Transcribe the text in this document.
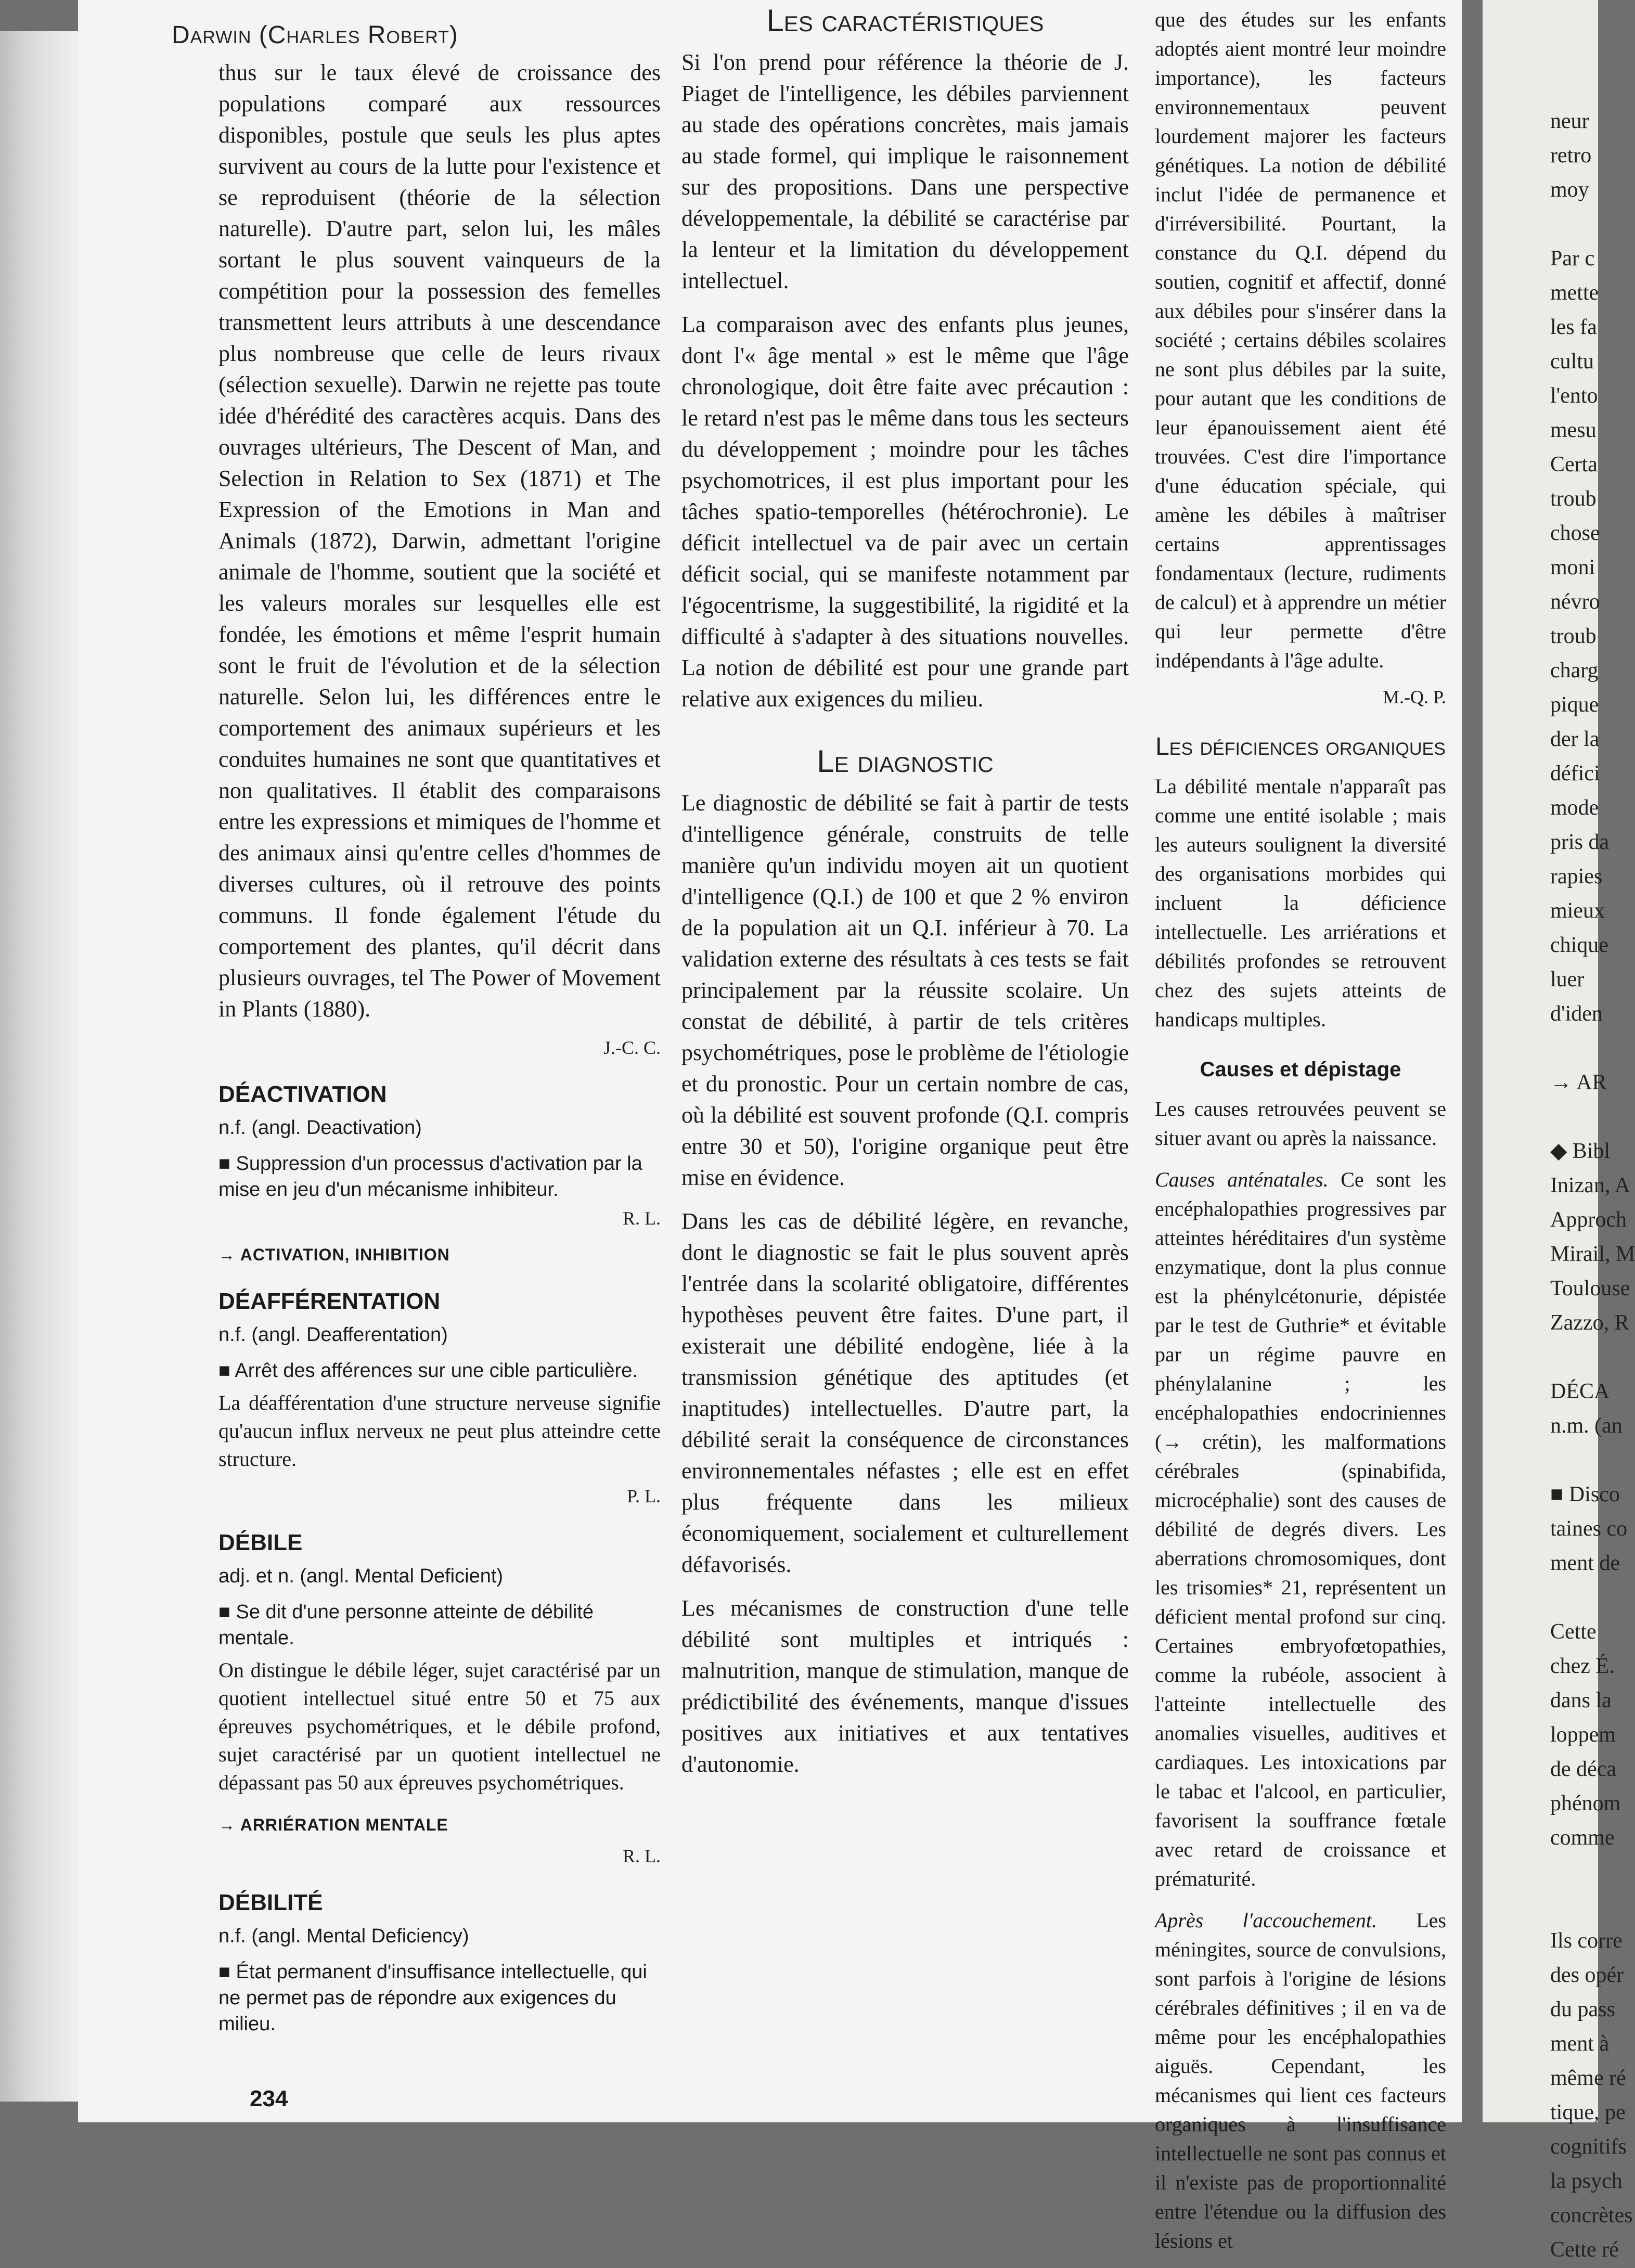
Darwin (Charles Robert)

thus sur le taux élevé de croissance des populations comparé aux ressources disponibles, postule que seuls les plus aptes survivent au cours de la lutte pour l'existence et se reproduisent (théorie de la sélection naturelle). D'autre part, selon lui, les mâles sortant le plus souvent vainqueurs de la compétition pour la possession des femelles transmettent leurs attributs à une descendance plus nombreuse que celle de leurs rivaux (sélection sexuelle). Darwin ne rejette pas toute idée d'hérédité des caractères acquis. Dans des ouvrages ultérieurs, The Descent of Man, and Selection in Relation to Sex (1871) et The Expression of the Emotions in Man and Animals (1872), Darwin, admettant l'origine animale de l'homme, soutient que la société et les valeurs morales sur lesquelles elle est fondée, les émotions et même l'esprit humain sont le fruit de l'évolution et de la sélection naturelle. Selon lui, les différences entre le comportement des animaux supérieurs et les conduites humaines ne sont que quantitatives et non qualitatives. Il établit des comparaisons entre les expressions et mimiques de l'homme et des animaux ainsi qu'entre celles d'hommes de diverses cultures, où il retrouve des points communs. Il fonde également l'étude du comportement des plantes, qu'il décrit dans plusieurs ouvrages, tel The Power of Movement in Plants (1880).

J.-C. C.
DÉACTIVATION
n.f. (angl. Deactivation)
■ Suppression d'un processus d'activation par la mise en jeu d'un mécanisme inhibiteur.
R. L.
→ ACTIVATION, INHIBITION
DÉAFFÉRENTATION
n.f. (angl. Deafferentation)
■ Arrêt des afférences sur une cible particulière.

La déafférentation d'une structure nerveuse signifie qu'aucun influx nerveux ne peut plus atteindre cette structure.

P. L.
DÉBILE
adj. et n. (angl. Mental Deficient)
■ Se dit d'une personne atteinte de débilité mentale.

On distingue le débile léger, sujet caractérisé par un quotient intellectuel situé entre 50 et 75 aux épreuves psychométriques, et le débile profond, sujet caractérisé par un quotient intellectuel ne dépassant pas 50 aux épreuves psychométriques.

→ ARRIÉRATION MENTALE
R. L.
DÉBILITÉ
n.f. (angl. Mental Deficiency)
■ État permanent d'insuffisance intellectuelle, qui ne permet pas de répondre aux exigences du milieu.
Les caractéristiques

Si l'on prend pour référence la théorie de J. Piaget de l'intelligence, les débiles parviennent au stade des opérations concrètes, mais jamais au stade formel, qui implique le raisonnement sur des propositions. Dans une perspective développementale, la débilité se caractérise par la lenteur et la limitation du développement intellectuel.

La comparaison avec des enfants plus jeunes, dont l'« âge mental » est le même que l'âge chronologique, doit être faite avec précaution : le retard n'est pas le même dans tous les secteurs du développement ; moindre pour les tâches psychomotrices, il est plus important pour les tâches spatio-temporelles (hétérochronie). Le déficit intellectuel va de pair avec un certain déficit social, qui se manifeste notamment par l'égocentrisme, la suggestibilité, la rigidité et la difficulté à s'adapter à des situations nouvelles. La notion de débilité est pour une grande part relative aux exigences du milieu.

Le diagnostic

Le diagnostic de débilité se fait à partir de tests d'intelligence générale, construits de telle manière qu'un individu moyen ait un quotient d'intelligence (Q.I.) de 100 et que 2 % environ de la population ait un Q.I. inférieur à 70. La validation externe des résultats à ces tests se fait principalement par la réussite scolaire. Un constat de débilité, à partir de tels critères psychométriques, pose le problème de l'étiologie et du pronostic. Pour un certain nombre de cas, où la débilité est souvent profonde (Q.I. compris entre 30 et 50), l'origine organique peut être mise en évidence.

Dans les cas de débilité légère, en revanche, dont le diagnostic se fait le plus souvent après l'entrée dans la scolarité obligatoire, différentes hypothèses peuvent être faites. D'une part, il existerait une débilité endogène, liée à la transmission génétique des aptitudes (et inaptitudes) intellectuelles. D'autre part, la débilité serait la conséquence de circonstances environnementales néfastes ; elle est en effet plus fréquente dans les milieux économiquement, socialement et culturellement défavorisés.

Les mécanismes de construction d'une telle débilité sont multiples et intriqués : malnutrition, manque de stimulation, manque de prédictibilité des événements, manque d'issues positives aux initiatives et aux tentatives d'autonomie.

que des études sur les enfants adoptés aient montré leur moindre importance), les facteurs environnementaux peuvent lourdement majorer les facteurs génétiques. La notion de débilité inclut l'idée de permanence et d'irréversibilité. Pourtant, la constance du Q.I. dépend du soutien, cognitif et affectif, donné aux débiles pour s'insérer dans la société ; certains débiles scolaires ne sont plus débiles par la suite, pour autant que les conditions de leur épanouissement aient été trouvées. C'est dire l'importance d'une éducation spéciale, qui amène les débiles à maîtriser certains apprentissages fondamentaux (lecture, rudiments de calcul) et à apprendre un métier qui leur permette d'être indépendants à l'âge adulte.

M.-Q. P.
Les déficiences organiques

La débilité mentale n'apparaît pas comme une entité isolable ; mais les auteurs soulignent la diversité des organisations morbides qui incluent la déficience intellectuelle. Les arriérations et débilités profondes se retrouvent chez des sujets atteints de handicaps multiples.

Causes et dépistage

Les causes retrouvées peuvent se situer avant ou après la naissance.

Causes anténatales. Ce sont les encéphalopathies progressives par atteintes héréditaires d'un système enzymatique, dont la plus connue est la phénylcétonurie, dépistée par le test de Guthrie* et évitable par un régime pauvre en phénylalanine ; les encéphalopathies endocriniennes (→ crétin), les malformations cérébrales (spinabifida, microcéphalie) sont des causes de débilité de degrés divers. Les aberrations chromosomiques, dont les trisomies* 21, représentent un déficient mental profond sur cinq. Certaines embryofœtopathies, comme la rubéole, associent à l'atteinte intellectuelle des anomalies visuelles, auditives et cardiaques. Les intoxications par le tabac et l'alcool, en particulier, favorisent la souffrance fœtale avec retard de croissance et prématurité.

Après l'accouchement. Les méningites, source de convulsions, sont parfois à l'origine de lésions cérébrales définitives ; il en va de même pour les encéphalopathies aiguës. Cependant, les mécanismes qui lient ces facteurs organiques à l'insuffisance intellectuelle ne sont pas connus et il n'existe pas de proportionnalité entre l'étendue ou la diffusion des lésions et

234
neur
retro
moy

Par c
mette
les fa
cultu
l'ento
mesu
Certa
troub
chose
moni
névro
troub
charg
pique
der la
défici
mode
pris da
rapies
mieux
chique
luer
d'iden

→ AR

◆ Bibl
Inizan, A
Approch
Mirail, M
Toulouse
Zazzo, R

DÉCA
n.m. (an

■ Disco
taines co
ment de

Cette
chez É.
dans la
loppem
de déca
phénom
comme

Ils corre
des opér
du pass
ment à
même ré
tique, pe
cognitifs
la psych
concrètes
Cette ré
